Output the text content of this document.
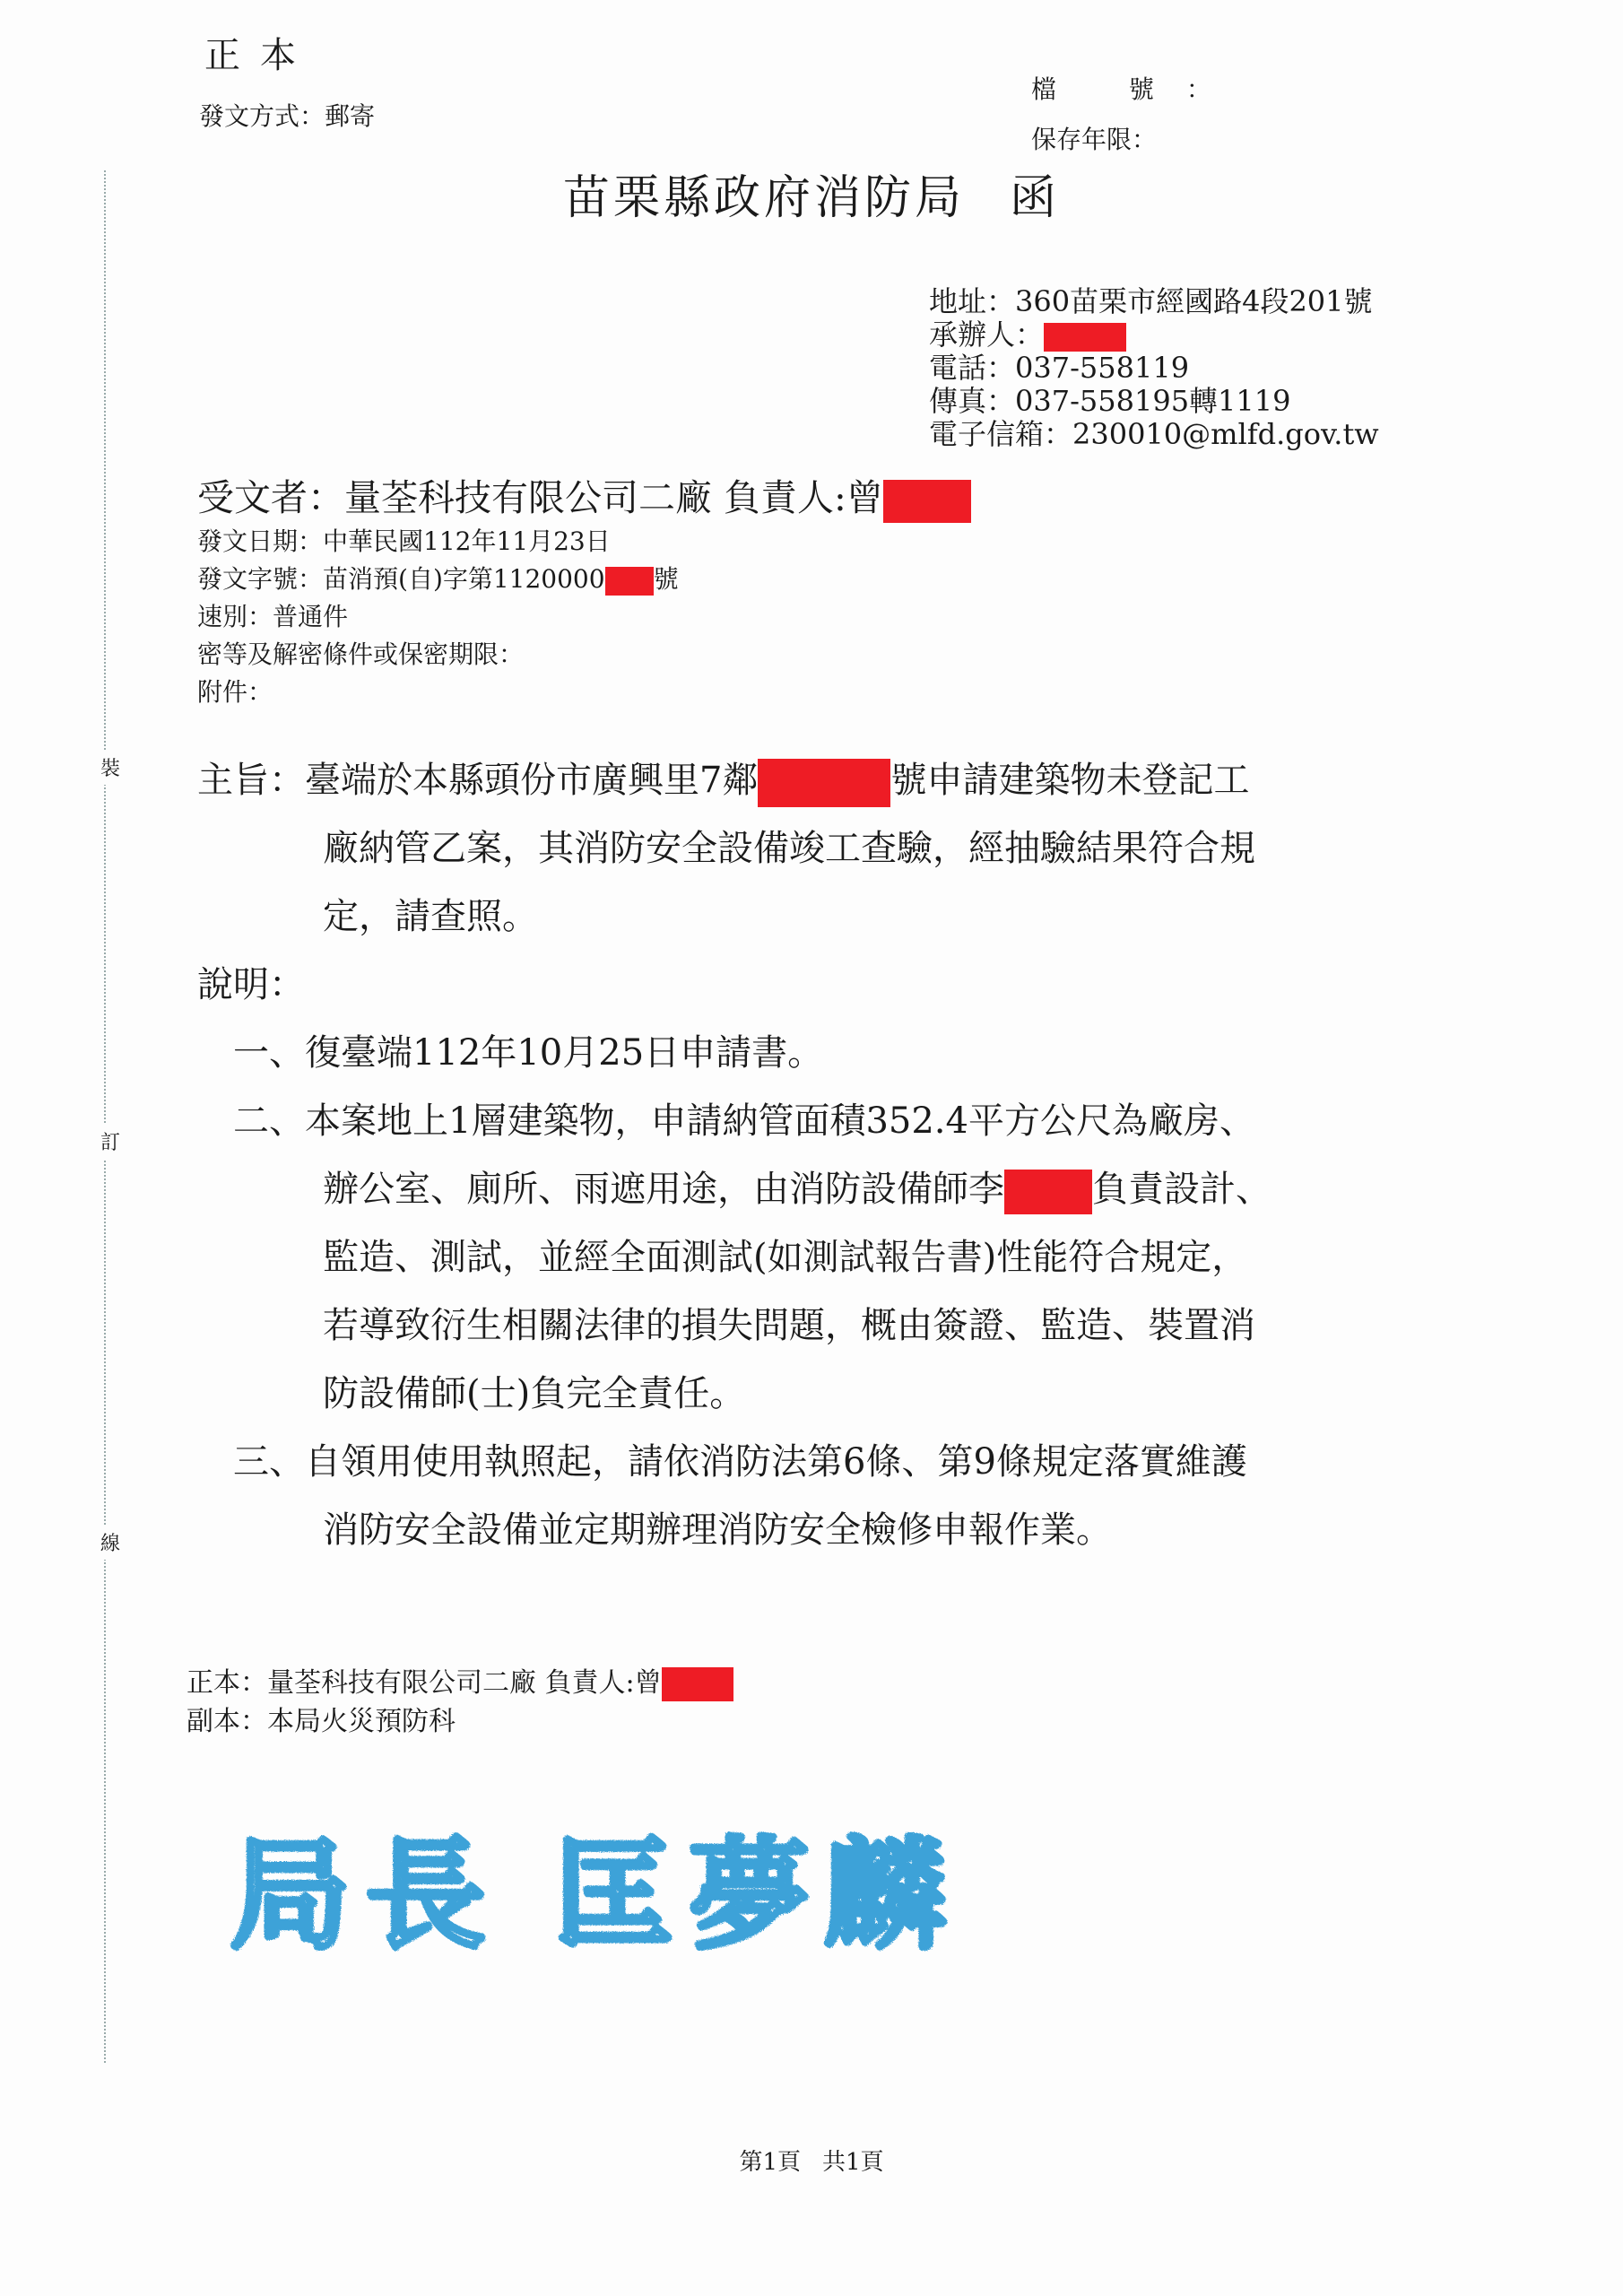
裝
訂
線
正本
發文方式：郵寄
檔 號：
保存年限：
苗栗縣政府消防局 函
地址：360苗栗市經國路4段201號
承辦人：
電話：037-558119
傳真：037-558195轉1119
電子信箱：230010@mlfd.gov.tw
受文者：量荃科技有限公司二廠 負責人:曾
發文日期：中華民國112年11月23日
發文字號：苗消預(自)字第1120000 號
速別：普通件
密等及解密條件或保密期限：
附件：
主旨：臺端於本縣頭份市廣興里7鄰	號申請建築物未登記工
廠納管乙案，其消防安全設備竣工查驗，經抽驗結果符合規
定，請查照。
說明：
一、復臺端112年10月25日申請書。
二、本案地上1層建築物，申請納管面積352.4平方公尺為廠房、
辦公室、廁所、雨遮用途，由消防設備師李 負責設計、
監造、測試，並經全面測試(如測試報告書)性能符合規定，
若導致衍生相關法律的損失問題，概由簽證、監造、裝置消
防設備師(士)負完全責任。
三、自領用使用執照起，請依消防法第6條、第9條規定落實維護
消防安全設備並定期辦理消防安全檢修申報作業。
正本：量荃科技有限公司二廠 負責人:曾
副本：本局火災預防科
局長 匡夢麟
第1頁 共1頁
